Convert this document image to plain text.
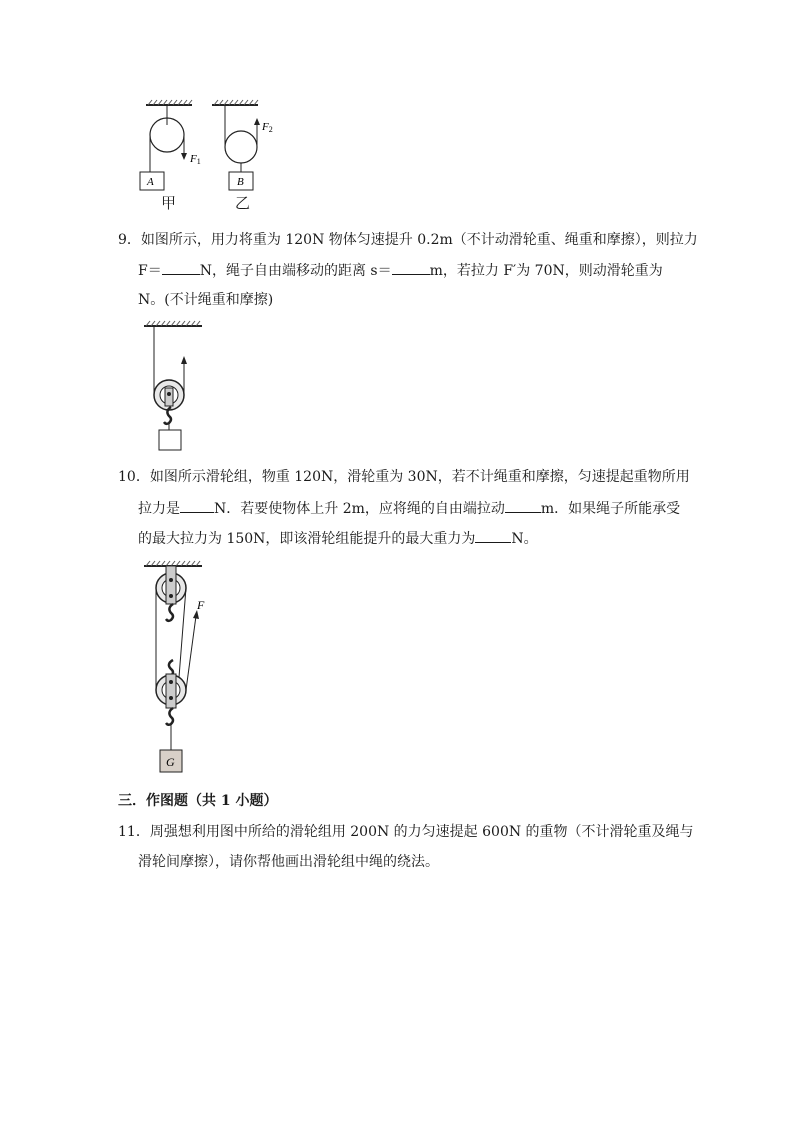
F1
A
F2
B
甲	乙
9．如图所示，用力将重为 120N 物体匀速提升 0.2m（不计动滑轮重、绳重和摩擦），则拉力
F＝	N，绳子自由端移动的距离 s＝	m，若拉力 F′为 70N，则动滑轮重为
N。(不计绳重和摩擦)
10．如图所示滑轮组，物重 120N，滑轮重为 30N，若不计绳重和摩擦，匀速提起重物所用
拉力是 N．若要使物体上升 2m，应将绳的自由端拉动	m．如果绳子所能承受
的最大拉力为 150N，即该滑轮组能提升的最大重力为	N。
F
G
三．作图题（共 1 小题）
11．周强想利用图中所给的滑轮组用 200N 的力匀速提起 600N 的重物（不计滑轮重及绳与
滑轮间摩擦），请你帮他画出滑轮组中绳的绕法。
